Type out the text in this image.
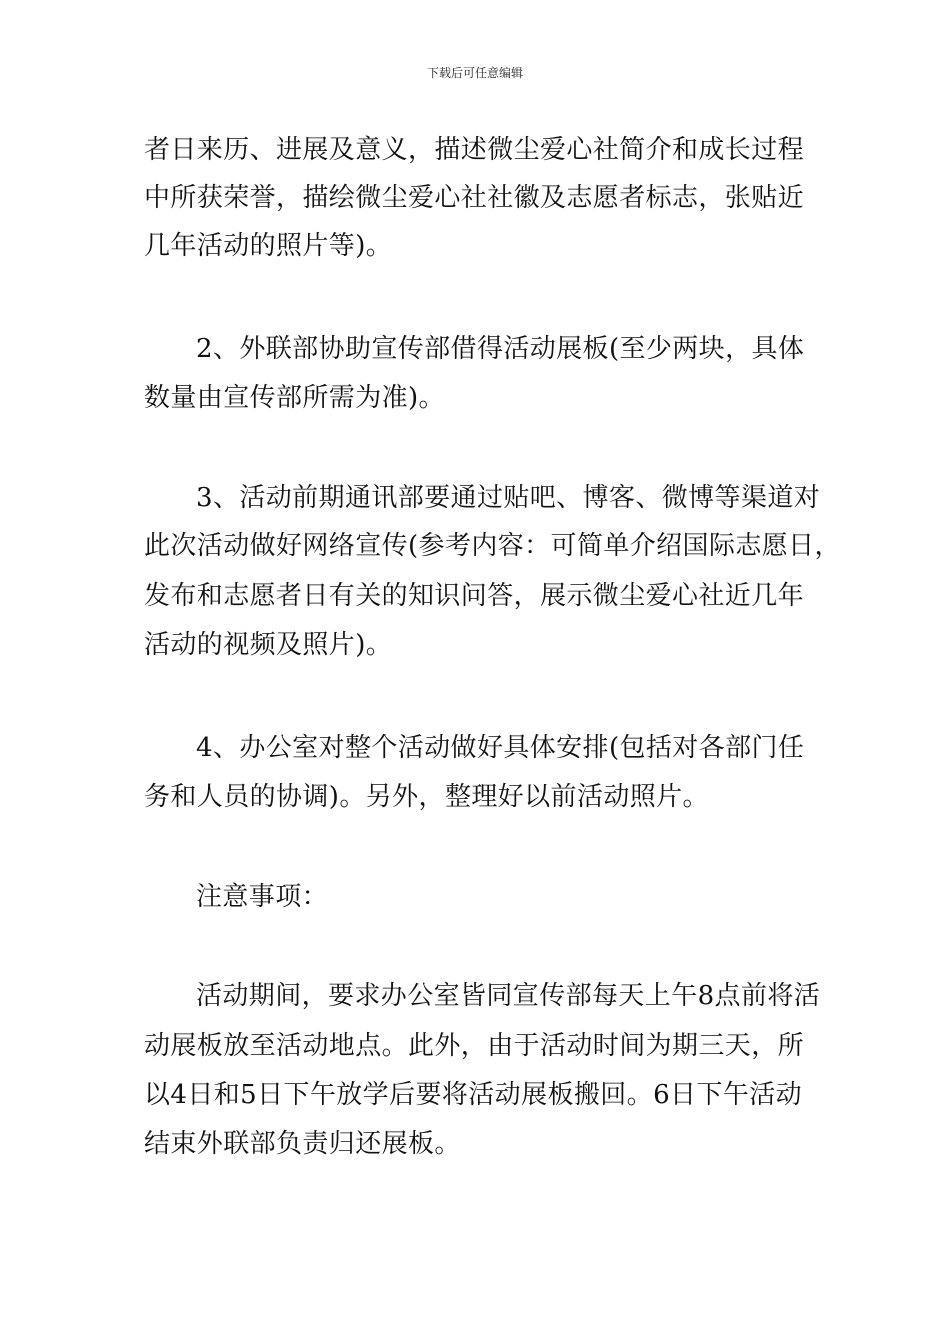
下载后可任意编辑
者日来历、进展及意义，描述微尘爱心社简介和成长过程
中所获荣誉，描绘微尘爱心社社徽及志愿者标志，张贴近
几年活动的照片等)。
2、外联部协助宣传部借得活动展板(至少两块，具体
数量由宣传部所需为准)。
3、活动前期通讯部要通过贴吧、博客、微博等渠道对
此次活动做好网络宣传(参考内容：可简单介绍国际志愿日，
发布和志愿者日有关的知识问答，展示微尘爱心社近几年
活动的视频及照片)。
4、办公室对整个活动做好具体安排(包括对各部门任
务和人员的协调)。另外，整理好以前活动照片。
注意事项：
活动期间，要求办公室皆同宣传部每天上午8点前将活
动展板放至活动地点。此外，由于活动时间为期三天，所
以4日和5日下午放学后要将活动展板搬回。6日下午活动
结束外联部负责归还展板。
